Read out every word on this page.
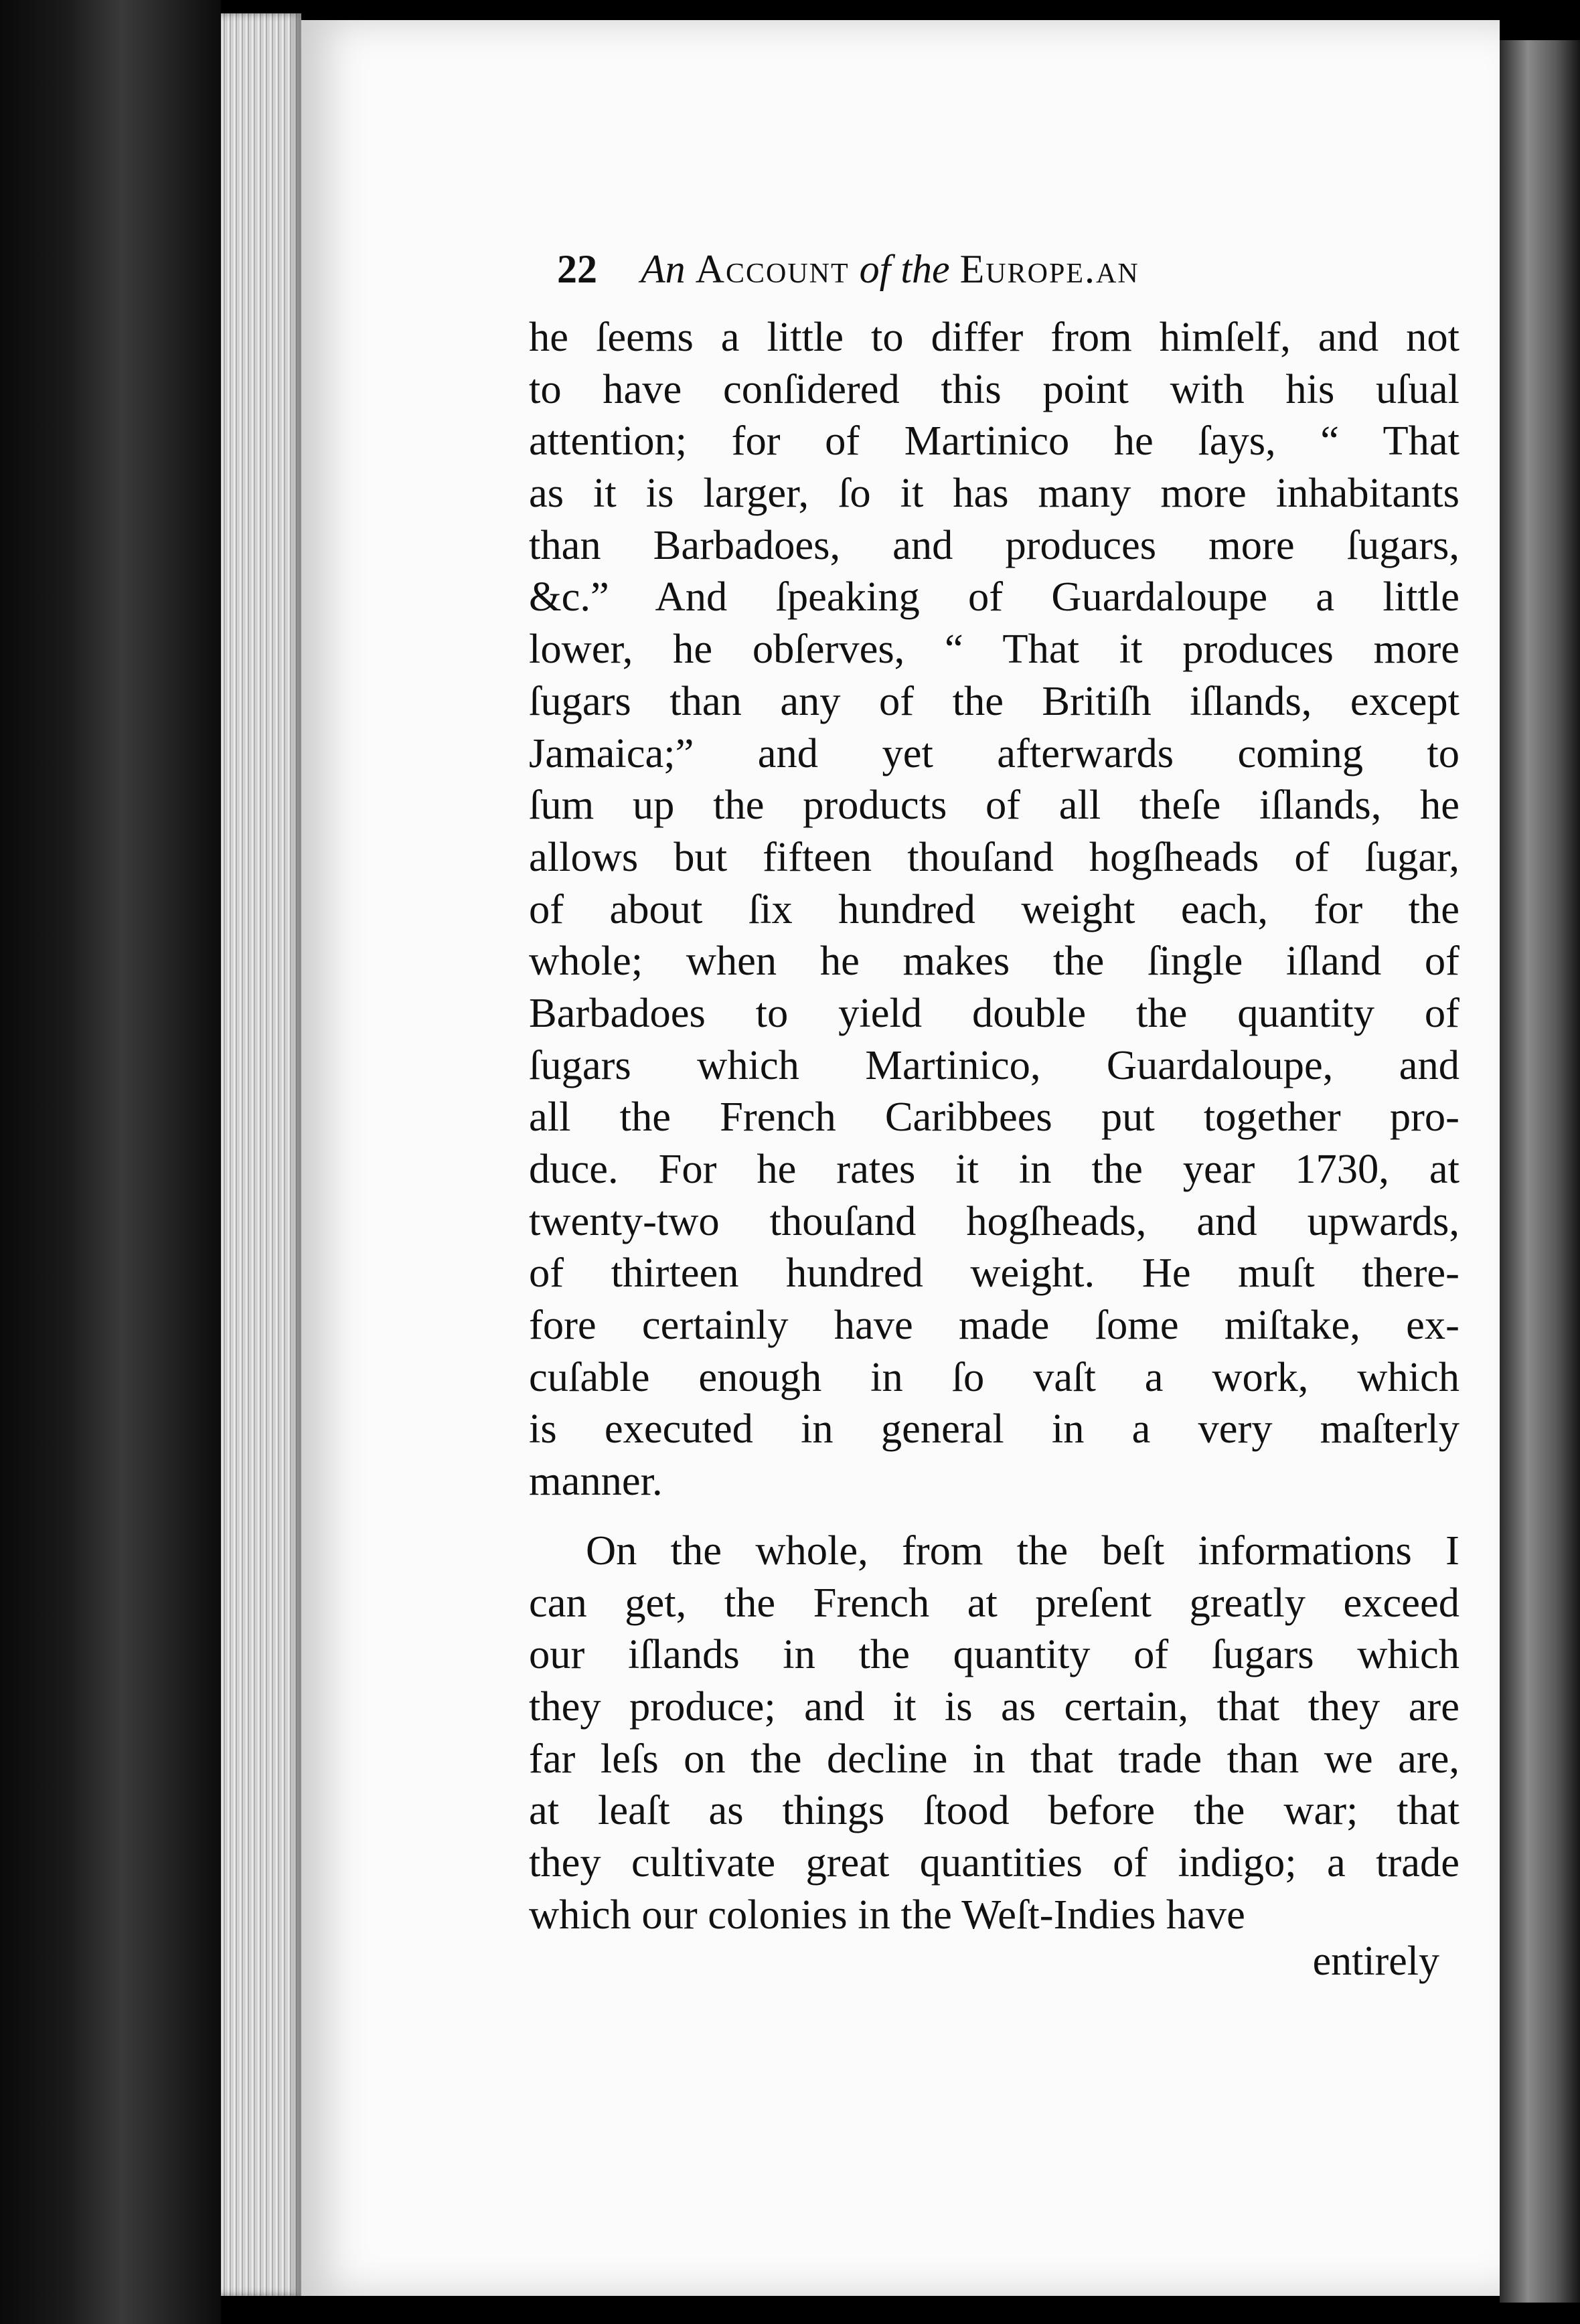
22 An Account of the Europe.an
he ſeems a little to differ from himſelf, and not
to have conſidered this point with his uſual
attention; for of Martinico he ſays, “ That
as it is larger, ſo it has many more inhabitants
than Barbadoes, and produces more ſugars,
&c.” And ſpeaking of Guardaloupe a little
lower, he obſerves, “ That it produces more
ſugars than any of the Britiſh iſlands, except
Jamaica;” and yet afterwards coming to
ſum up the products of all theſe iſlands, he
allows but fifteen thouſand hogſheads of ſugar,
of about ſix hundred weight each, for the
whole; when he makes the ſingle iſland of
Barbadoes to yield double the quantity of
ſugars which Martinico, Guardaloupe, and
all the French Caribbees put together pro-
duce. For he rates it in the year 1730, at
twenty-two thouſand hogſheads, and upwards,
of thirteen hundred weight. He muſt there-
fore certainly have made ſome miſtake, ex-
cuſable enough in ſo vaſt a work, which
is executed in general in a very maſterly
manner.
On the whole, from the beſt informations I
can get, the French at preſent greatly exceed
our iſlands in the quantity of ſugars which
they produce; and it is as certain, that they are
far leſs on the decline in that trade than we are,
at leaſt as things ſtood before the war; that
they cultivate great quantities of indigo; a trade
which our colonies in the Weſt-Indies have
entirely
